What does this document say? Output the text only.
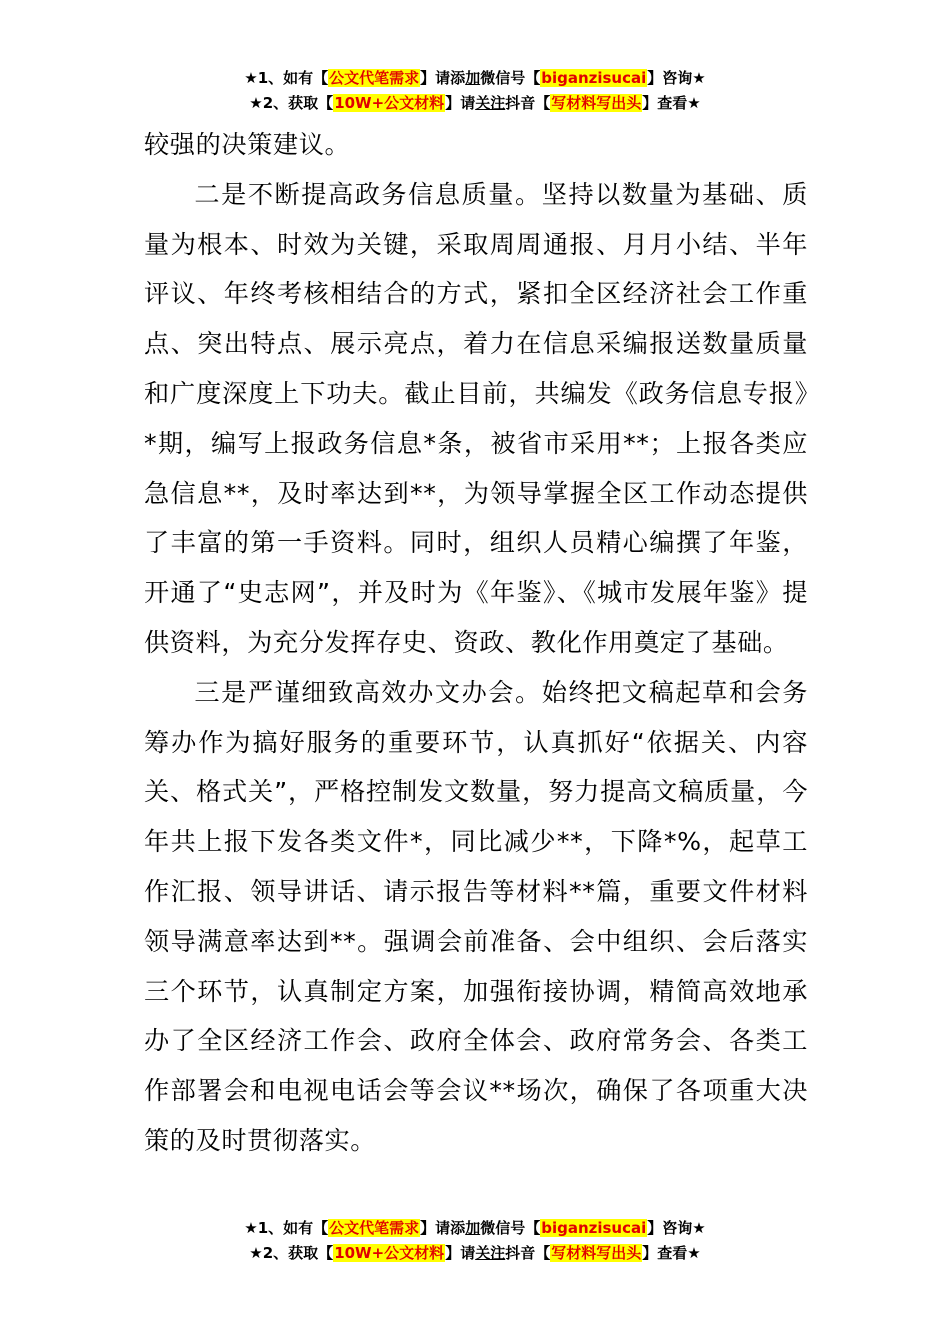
★1、如有【公文代笔需求】请添加微信号【biganzisucai】咨询★
★2、获取【10W+公文材料】请关注抖音【写材料写出头】查看★

较强的决策建议。

二是不断提高政务信息质量。坚持以数量为基础、质量为根本、时效为关键，采取周周通报、月月小结、半年评议、年终考核相结合的方式，紧扣全区经济社会工作重点、突出特点、展示亮点，着力在信息采编报送数量质量和广度深度上下功夫。截止目前，共编发《政务信息专报》*期，编写上报政务信息*条，被省市采用**；上报各类应急信息**，及时率达到**，为领导掌握全区工作动态提供了丰富的第一手资料。同时，组织人员精心编撰了年鉴，开通了“史志网”，并及时为《年鉴》、《城市发展年鉴》提供资料，为充分发挥存史、资政、教化作用奠定了基础。

三是严谨细致高效办文办会。始终把文稿起草和会务筹办作为搞好服务的重要环节，认真抓好“依据关、内容关、格式关”，严格控制发文数量，努力提高文稿质量，今年共上报下发各类文件*，同比减少**，下降*%，起草工作汇报、领导讲话、请示报告等材料**篇，重要文件材料领导满意率达到**。强调会前准备、会中组织、会后落实三个环节，认真制定方案，加强衔接协调，精简高效地承办了全区经济工作会、政府全体会、政府常务会、各类工作部署会和电视电话会等会议**场次，确保了各项重大决策的及时贯彻落实。

★1、如有【公文代笔需求】请添加微信号【biganzisucai】咨询★
★2、获取【10W+公文材料】请关注抖音【写材料写出头】查看★
